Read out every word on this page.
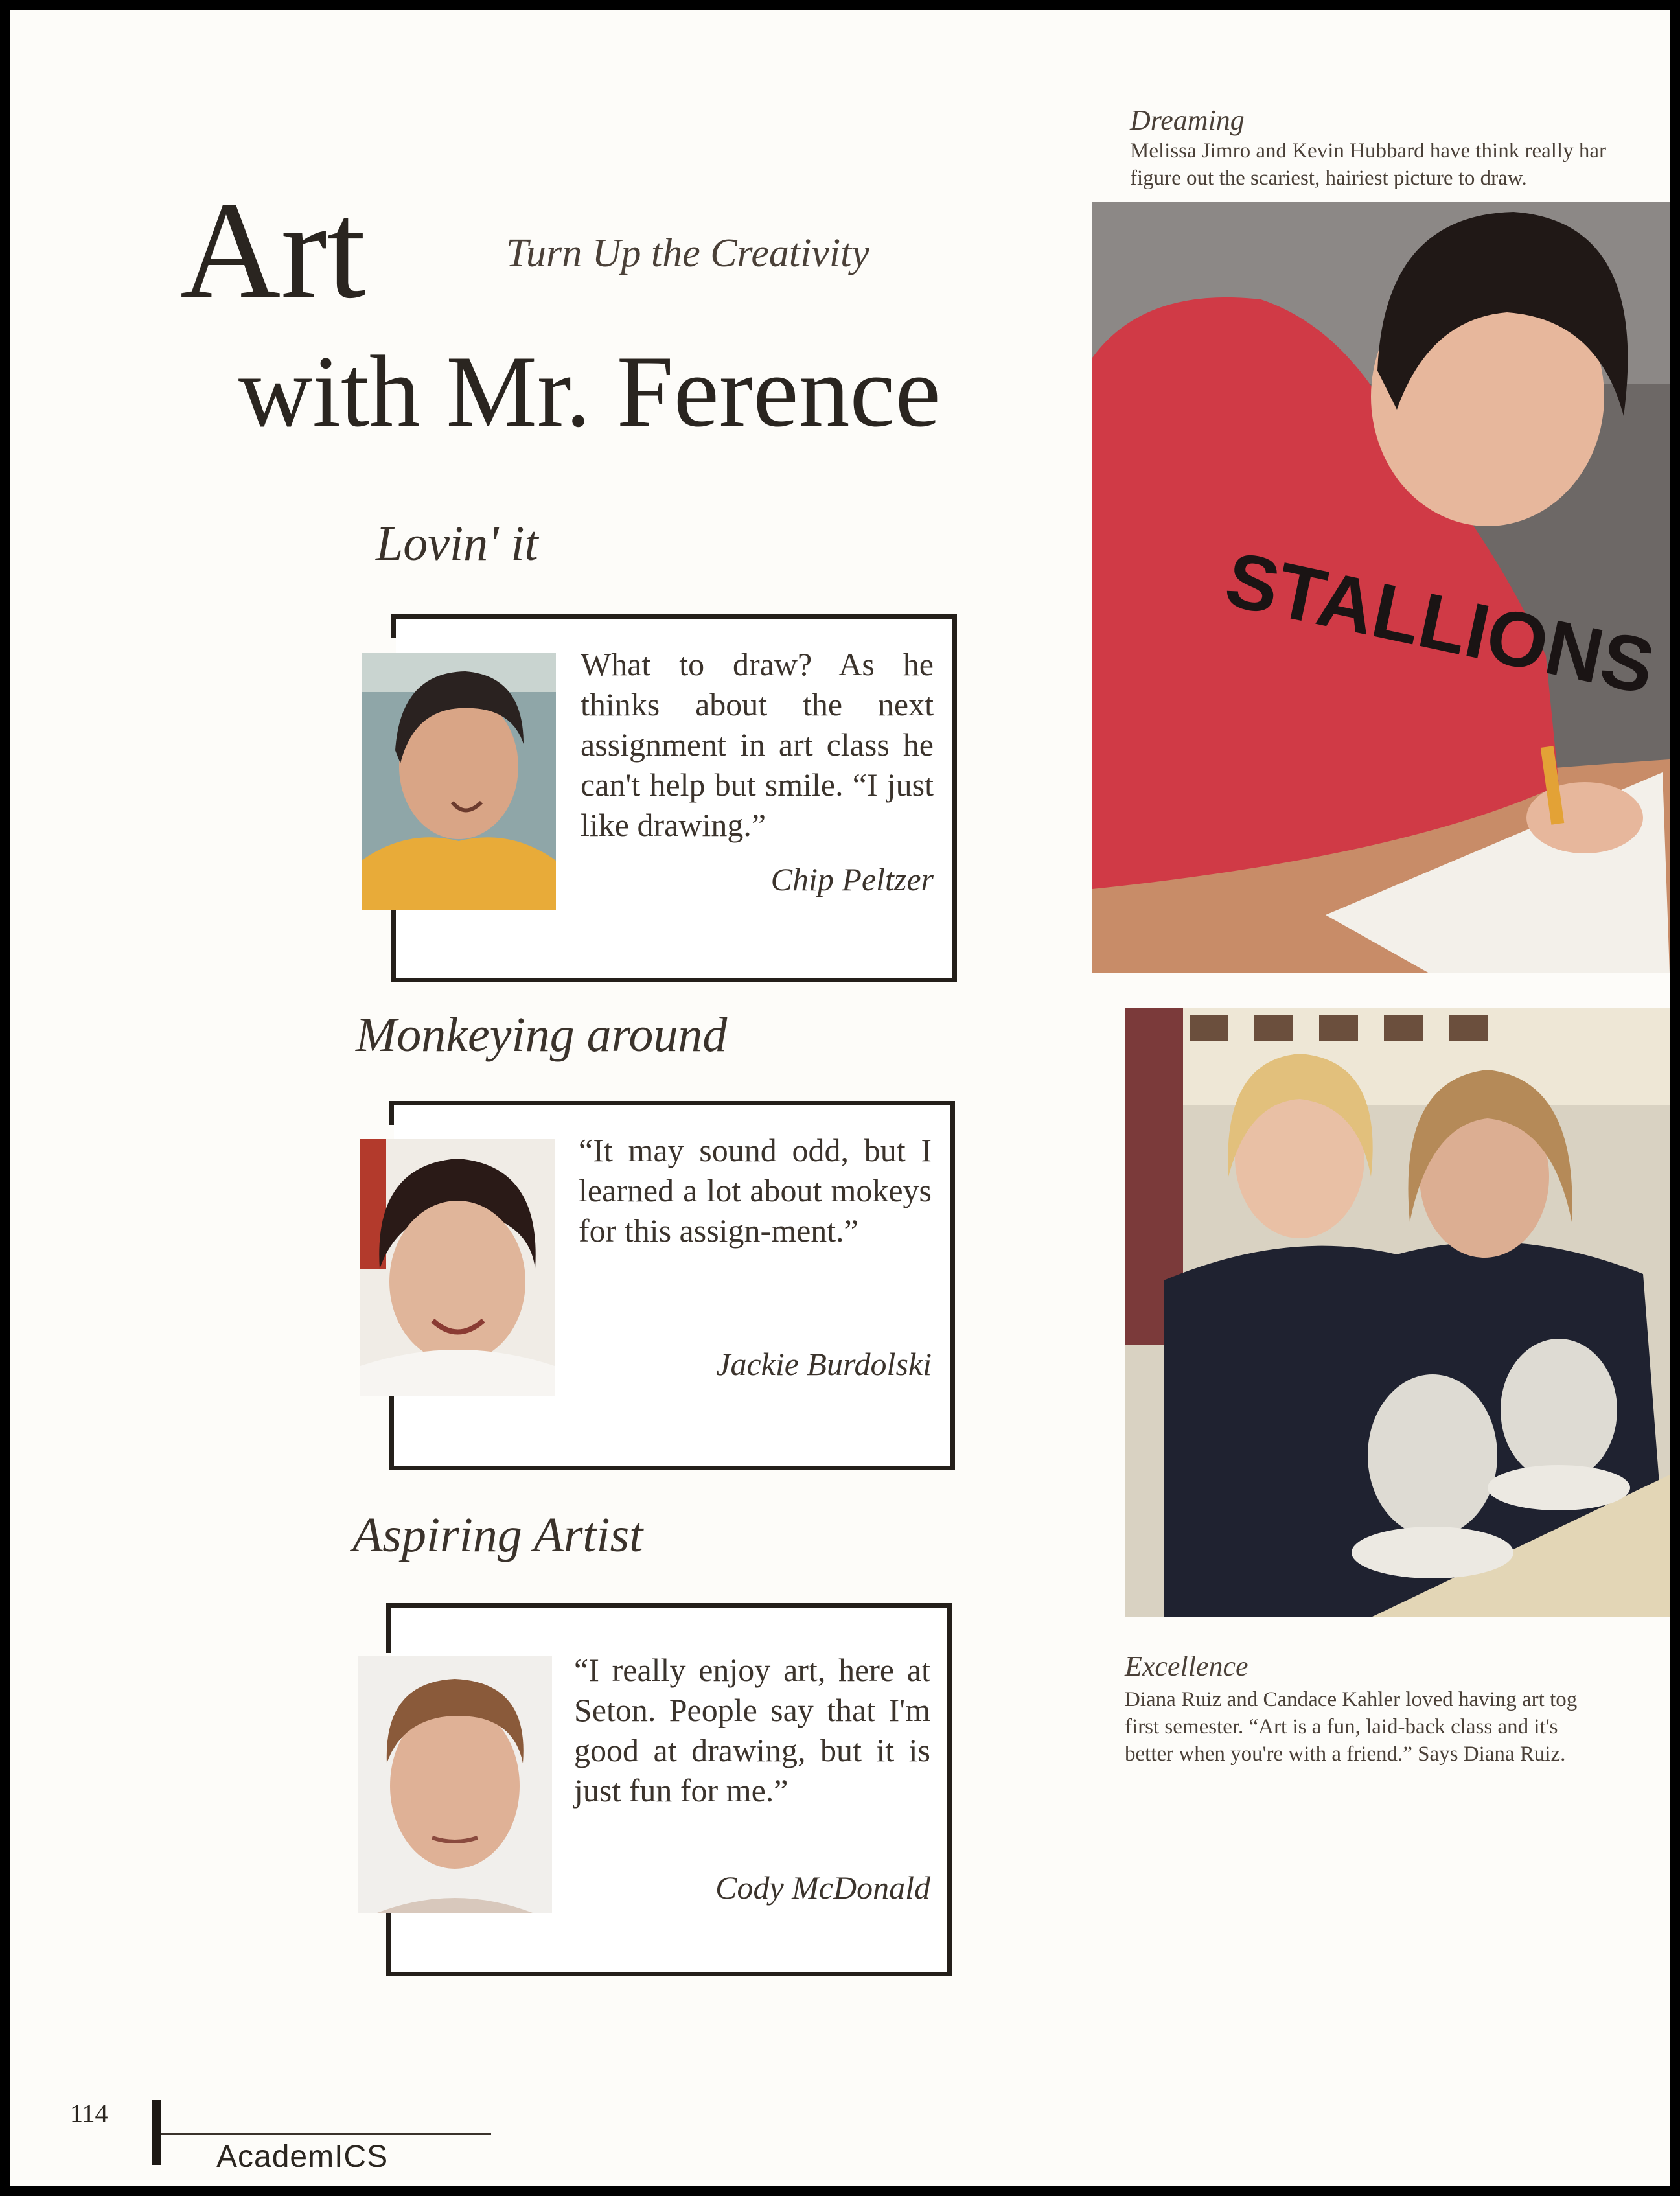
Art	Turn Up the Creativity
with Mr. Ference
Lovin' it
What to draw? As he thinks about the next assignment in art class he can't help but smile. “I just like drawing.”
Chip Peltzer
Monkeying around
“It may sound odd, but I learned a lot about mokeys for this assign-ment.”
Jackie Burdolski
Aspiring Artist
“I really enjoy art, here at Seton. People say that I'm good at drawing, but it is just fun for me.”
Cody McDonald
Dreaming
Melissa Jimro and Kevin Hubbard have think really har
figure out the scariest, hairiest picture to draw.
STALLIONS
Excellence
Diana Ruiz and Candace Kahler loved having art tog
first semester. “Art is a fun, laid-back class and it's
better when you're with a friend.” Says Diana Ruiz.
114
AcademICS
